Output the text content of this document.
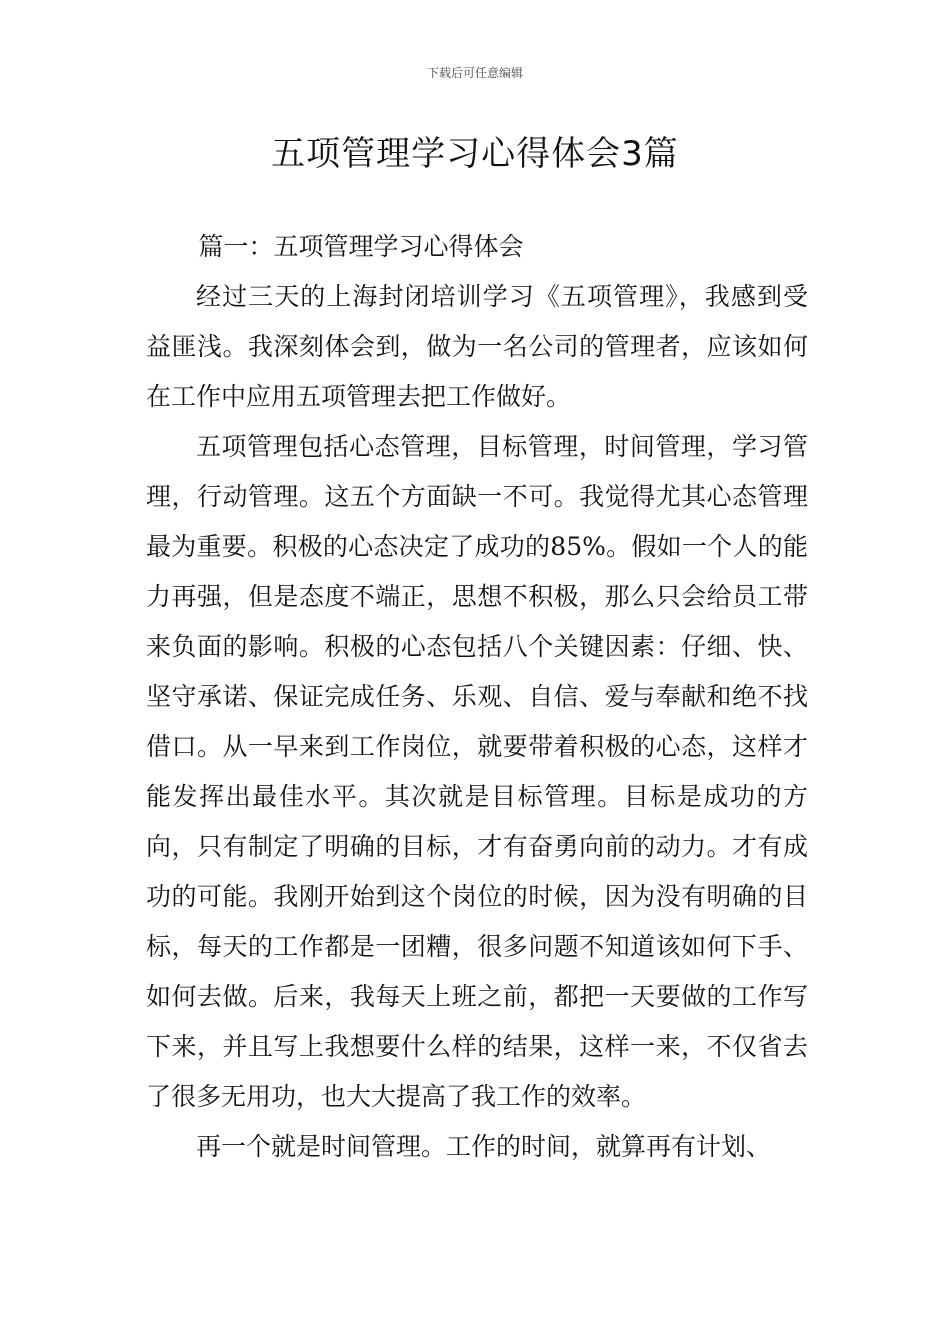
下载后可任意编辑
五项管理学习心得体会3篇

篇一：五项管理学习心得体会

经过三天的上海封闭培训学习《五项管理》，我感到受益匪浅。我深刻体会到，做为一名公司的管理者，应该如何在工作中应用五项管理去把工作做好。

五项管理包括心态管理，目标管理，时间管理，学习管理，行动管理。这五个方面缺一不可。我觉得尤其心态管理最为重要。积极的心态决定了成功的85%。假如一个人的能力再强，但是态度不端正，思想不积极，那么只会给员工带来负面的影响。积极的心态包括八个关键因素：仔细、快、坚守承诺、保证完成任务、乐观、自信、爱与奉献和绝不找借口。从一早来到工作岗位，就要带着积极的心态，这样才能发挥出最佳水平。其次就是目标管理。目标是成功的方向，只有制定了明确的目标，才有奋勇向前的动力。才有成功的可能。我刚开始到这个岗位的时候，因为没有明确的目标，每天的工作都是一团糟，很多问题不知道该如何下手、如何去做。后来，我每天上班之前，都把一天要做的工作写下来，并且写上我想要什么样的结果，这样一来，不仅省去了很多无用功，也大大提高了我工作的效率。

再一个就是时间管理。工作的时间，就算再有计划、
